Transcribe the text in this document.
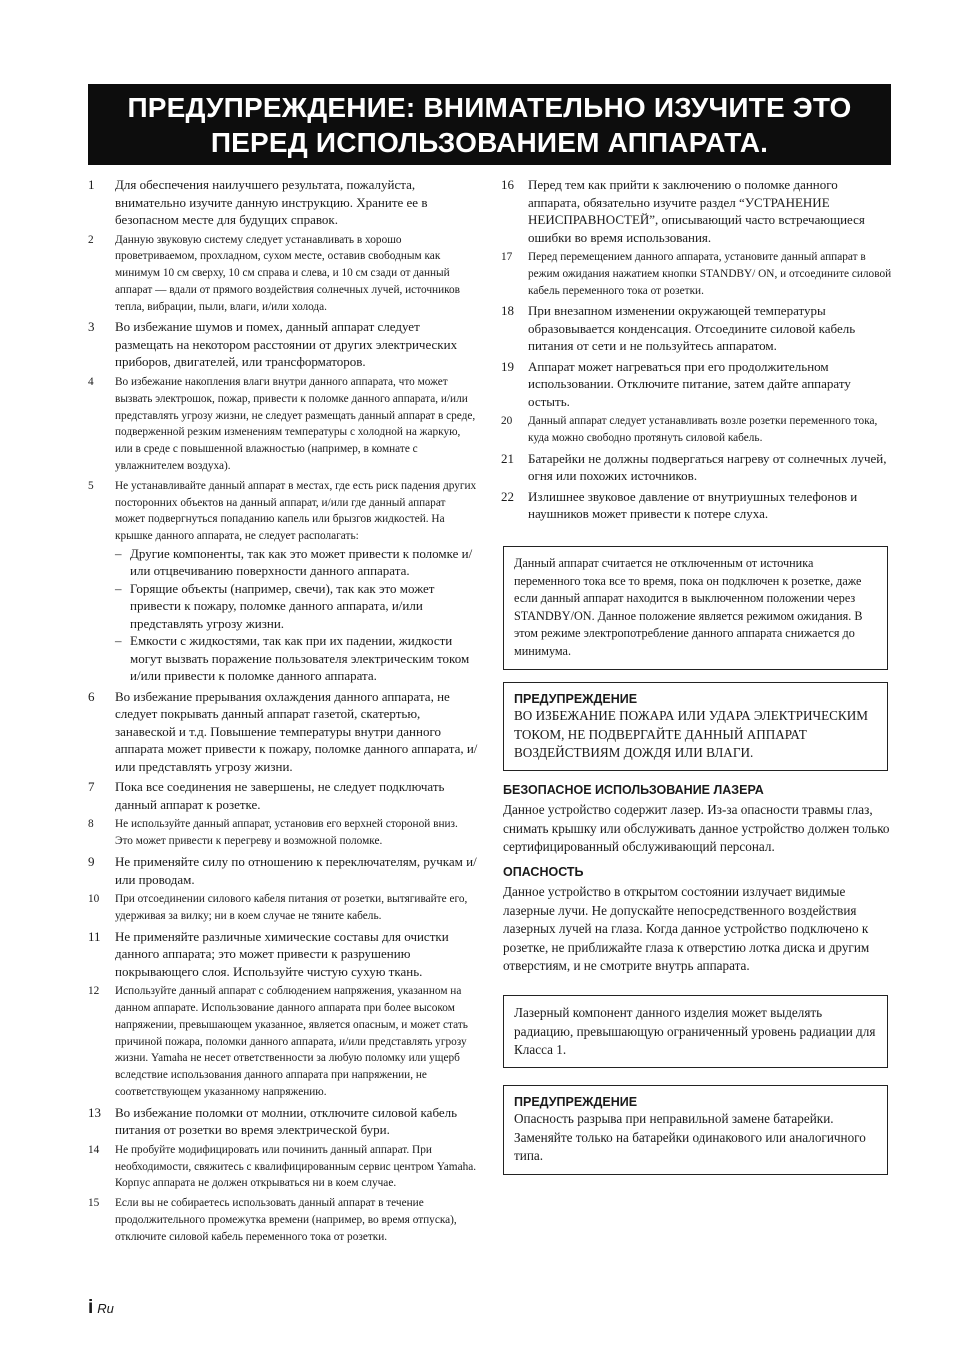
ПРЕДУПРЕЖДЕНИЕ: ВНИМАТЕЛЬНО ИЗУЧИТЕ ЭТО
ПЕРЕД ИСПОЛЬЗОВАНИЕМ АППАРАТА.
1	Для обеспечения наилучшего результата, пожалуйста, внимательно изучите данную инструкцию. Храните ее в безопасном месте для будущих справок.
2	Данную звуковую систему следует устанавливать в хорошо проветриваемом, прохладном, сухом месте, оставив свободным как минимум 10 см сверху, 10 см справа и слева, и 10 см сзади от данный аппарат — вдали от прямого воздействия солнечных лучей, источников тепла, вибрации, пыли, влаги, и/или холода.
3	Во избежание шумов и помех, данный аппарат следует размещать на некотором расстоянии от других электрических приборов, двигателей, или трансформаторов.
4	Во избежание накопления влаги внутри данного аппарата, что может вызвать электрошок, пожар, привести к поломке данного аппарата, и/или представлять угрозу жизни, не следует размещать данный аппарат в среде, подверженной резким изменениям температуры с холодной на жаркую, или в среде с повышенной влажностью (например, в комнате с увлажнителем воздуха).
5	Не устанавливайте данный аппарат в местах, где есть риск падения других посторонних объектов на данный аппарат, и/или где данный аппарат может подвергнуться попаданию капель или брызгов жидкостей. На крышке данного аппарата, не следует располагать:
– Другие компоненты, так как это может привести к поломке и/или отцвечиванию поверхности данного аппарата.
– Горящие объекты (например, свечи), так как это может привести к пожару, поломке данного аппарата, и/или представлять угрозу жизни.
– Емкости с жидкостями, так как при их падении, жидкости могут вызвать поражение пользователя электрическим током и/или привести к поломке данного аппарата.
6	Во избежание прерывания охлаждения данного аппарата, не следует покрывать данный аппарат газетой, скатертью, занавеской и т.д. Повышение температуры внутри данного аппарата может привести к пожару, поломке данного аппарата, и/или представлять угрозу жизни.
7	Пока все соединения не завершены, не следует подключать данный аппарат к розетке.
8	Не используйте данный аппарат, установив его верхней стороной вниз. Это может привести к перегреву и возможной поломке.
9	Не применяйте силу по отношению к переключателям, ручкам и/или проводам.
10	При отсоединении силового кабеля питания от розетки, вытягивайте его, удерживая за вилку; ни в коем случае не тяните кабель.
11	Не применяйте различные химические составы для очистки данного аппарата; это может привести к разрушению покрывающего слоя. Используйте чистую сухую ткань.
12	Используйте данный аппарат с соблюдением напряжения, указанном на данном аппарате. Использование данного аппарата при более высоком напряжении, превышающем указанное, является опасным, и может стать причиной пожара, поломки данного аппарата, и/или представлять угрозу жизни. Yamaha не несет ответственности за любую поломку или ущерб вследствие использования данного аппарата при напряжении, не соответствующем указанному напряжению.
13	Во избежание поломки от молнии, отключите силовой кабель питания от розетки во время электрической бури.
14	Не пробуйте модифицировать или починить данный аппарат. При необходимости, свяжитесь с квалифицированным сервис центром Yamaha. Корпус аппарата не должен открываться ни в коем случае.
15	Если вы не собираетесь использовать данный аппарат в течение продолжительного промежутка времени (например, во время отпуска), отключите силовой кабель переменного тока от розетки.
16	Перед тем как прийти к заключению о поломке данного аппарата, обязательно изучите раздел “УСТРАНЕНИЕ НЕИСПРАВНОСТЕЙ”, описывающий часто встречающиеся ошибки во время использования.
17	Перед перемещением данного аппарата, установите данный аппарат в режим ожидания нажатием кнопки STANDBY/ ON, и отсоедините силовой кабель переменного тока от розетки.
18	При внезапном изменении окружающей температуры образовывается конденсация. Отсоедините силовой кабель питания от сети и не пользуйтесь аппаратом.
19	Аппарат может нагреваться при его продолжительном использовании. Отключите питание, затем дайте аппарату остыть.
20	Данный аппарат следует устанавливать возле розетки переменного тока, куда можно свободно протянуть силовой кабель.
21	Батарейки не должны подвергаться нагреву от солнечных лучей, огня или похожих источников.
22	Излишнее звуковое давление от внутриушных телефонов и наушников может привести к потере слуха.
Данный аппарат считается не отключенным от источника переменного тока все то время, пока он подключен к розетке, даже если данный аппарат находится в выключенном положении через STANDBY/ON. Данное положение является режимом ожидания. В этом режиме электропотребление данного аппарата снижается до минимума.
ПРЕДУПРЕЖДЕНИЕ
ВО ИЗБЕЖАНИЕ ПОЖАРА ИЛИ УДАРА ЭЛЕКТРИЧЕСКИМ ТОКОМ, НЕ ПОДВЕРГАЙТЕ ДАННЫЙ АППАРАТ ВОЗДЕЙСТВИЯМ ДОЖДЯ ИЛИ ВЛАГИ.
БЕЗОПАСНОЕ ИСПОЛЬЗОВАНИЕ ЛАЗЕРА
Данное устройство содержит лазер. Из-за опасности травмы глаз, снимать крышку или обслуживать данное устройство должен только сертифицированный обслуживающий персонал.
ОПАСНОСТЬ
Данное устройство в открытом состоянии излучает видимые лазерные лучи. Не допускайте непосредственного воздействия лазерных лучей на глаза. Когда данное устройство подключено к розетке, не приближайте глаза к отверстию лотка диска и другим отверстиям, и не смотрите внутрь аппарата.
Лазерный компонент данного изделия может выделять радиацию, превышающую ограниченный уровень радиации для Класса 1.
ПРЕДУПРЕЖДЕНИЕ
Опасность разрыва при неправильной замене батарейки. Заменяйте только на батарейки одинакового или аналогичного типа.
i Ru
